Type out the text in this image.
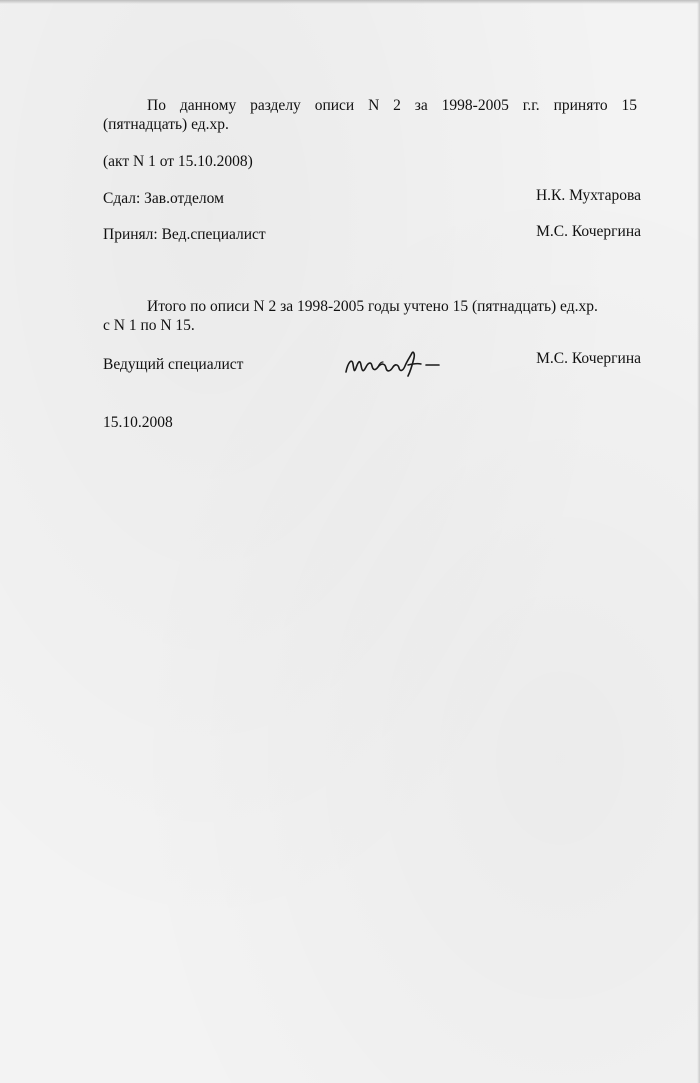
По данному разделу описи N 2 за 1998-2005 г.г. принято 15
(пятнадцать) ед.хр.
(акт N 1 от 15.10.2008)
Сдал: Зав.отделом	Н.К. Мухтарова
Принял: Вед.специалист	М.С. Кочергина
Итого по описи N 2 за 1998-2005 годы учтено 15 (пятнадцать) ед.хр.
с N 1 по N 15.
Ведущий специалист	М.С. Кочергина
15.10.2008
